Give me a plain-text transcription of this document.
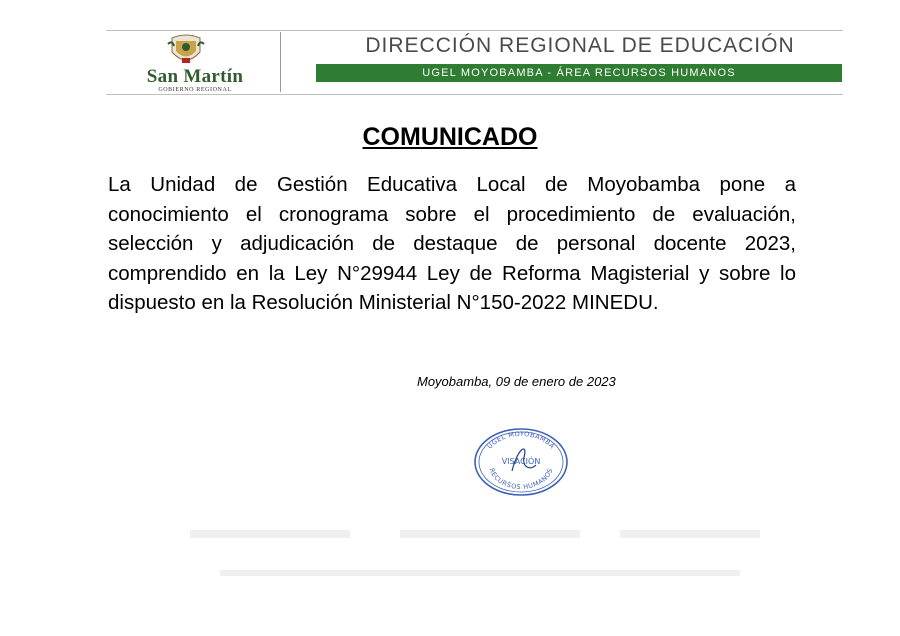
San Martín
GOBIERNO REGIONAL
DIRECCIÓN REGIONAL DE EDUCACIÓN
UGEL MOYOBAMBA - ÁREA RECURSOS HUMANOS
COMUNICADO
La Unidad de Gestión Educativa Local de Moyobamba pone a conocimiento el cronograma sobre el procedimiento de evaluación, selección y adjudicación de destaque de personal docente 2023, comprendido en la Ley N°29944 Ley de Reforma Magisterial y sobre lo dispuesto en la Resolución Ministerial N°150-2022 MINEDU.
Moyobamba, 09 de enero de 2023
UGEL MOYOBAMBA
VISACIÓN
RECURSOS HUMANOS
